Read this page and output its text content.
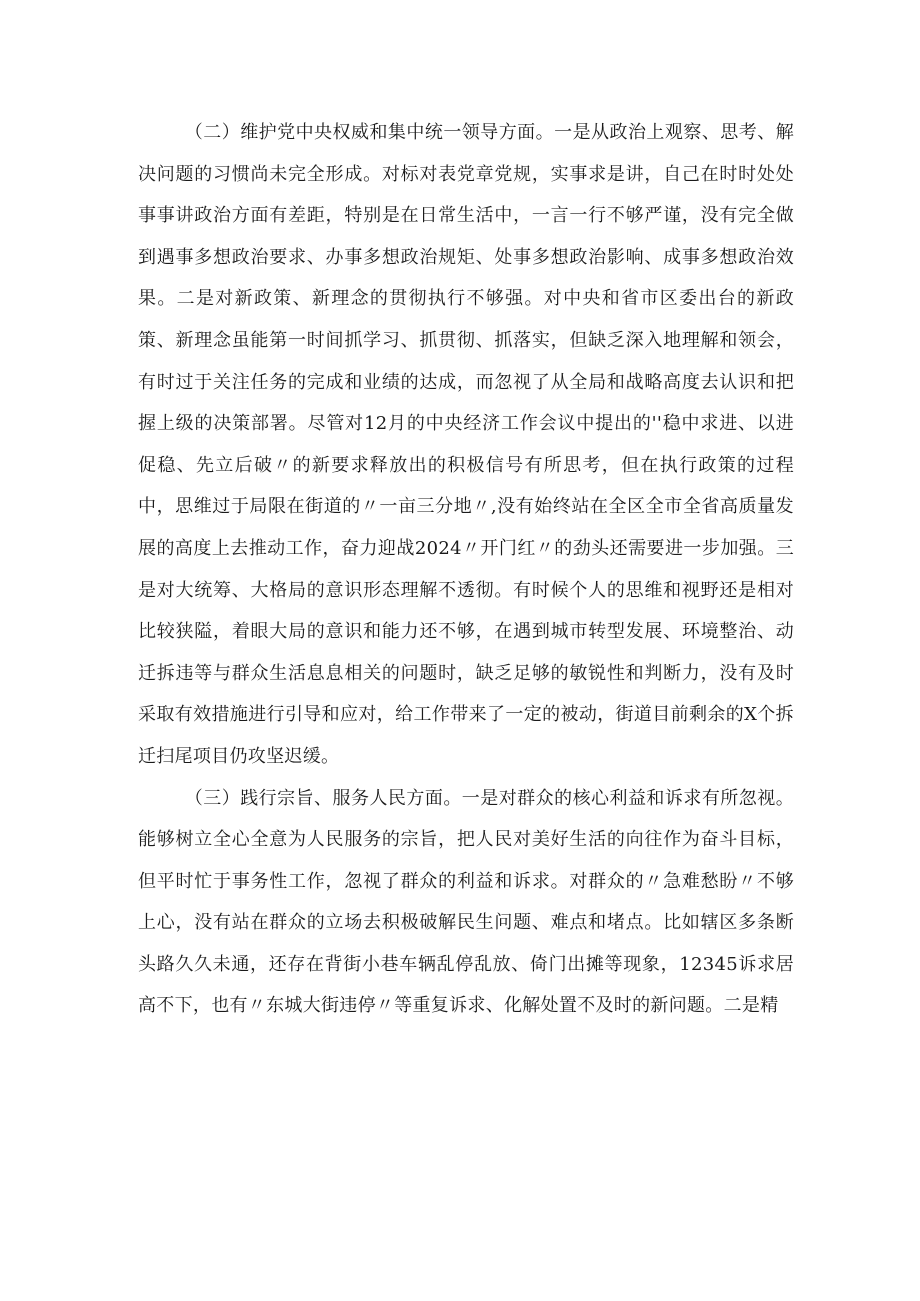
（二）维护党中央权威和集中统一领导方面。一是从政治上观察、思考、解决问题的习惯尚未完全形成。对标对表党章党规，实事求是讲，自己在时时处处事事讲政治方面有差距，特别是在日常生活中，一言一行不够严谨，没有完全做到遇事多想政治要求、办事多想政治规矩、处事多想政治影响、成事多想政治效果。二是对新政策、新理念的贯彻执行不够强。对中央和省市区委出台的新政策、新理念虽能第一时间抓学习、抓贯彻、抓落实，但缺乏深入地理解和领会，有时过于关注任务的完成和业绩的达成，而忽视了从全局和战略高度去认识和把握上级的决策部署。尽管对12月的中央经济工作会议中提出的''稳中求进、以进促稳、先立后破〃的新要求释放出的积极信号有所思考，但在执行政策的过程中，思维过于局限在街道的〃一亩三分地〃,没有始终站在全区全市全省高质量发展的高度上去推动工作，奋力迎战2024〃开门红〃的劲头还需要进一步加强。三是对大统筹、大格局的意识形态理解不透彻。有时候个人的思维和视野还是相对比较狭隘，着眼大局的意识和能力还不够，在遇到城市转型发展、环境整治、动迁拆违等与群众生活息息相关的问题时，缺乏足够的敏锐性和判断力，没有及时采取有效措施进行引导和应对，给工作带来了一定的被动，街道目前剩余的X个拆迁扫尾项目仍攻坚迟缓。

（三）践行宗旨、服务人民方面。一是对群众的核心利益和诉求有所忽视。能够树立全心全意为人民服务的宗旨，把人民对美好生活的向往作为奋斗目标，但平时忙于事务性工作，忽视了群众的利益和诉求。对群众的〃急难愁盼〃不够上心，没有站在群众的立场去积极破解民生问题、难点和堵点。比如辖区多条断头路久久未通，还存在背街小巷车辆乱停乱放、倚门出摊等现象，12345诉求居高不下，也有〃东城大街违停〃等重复诉求、化解处置不及时的新问题。二是精
